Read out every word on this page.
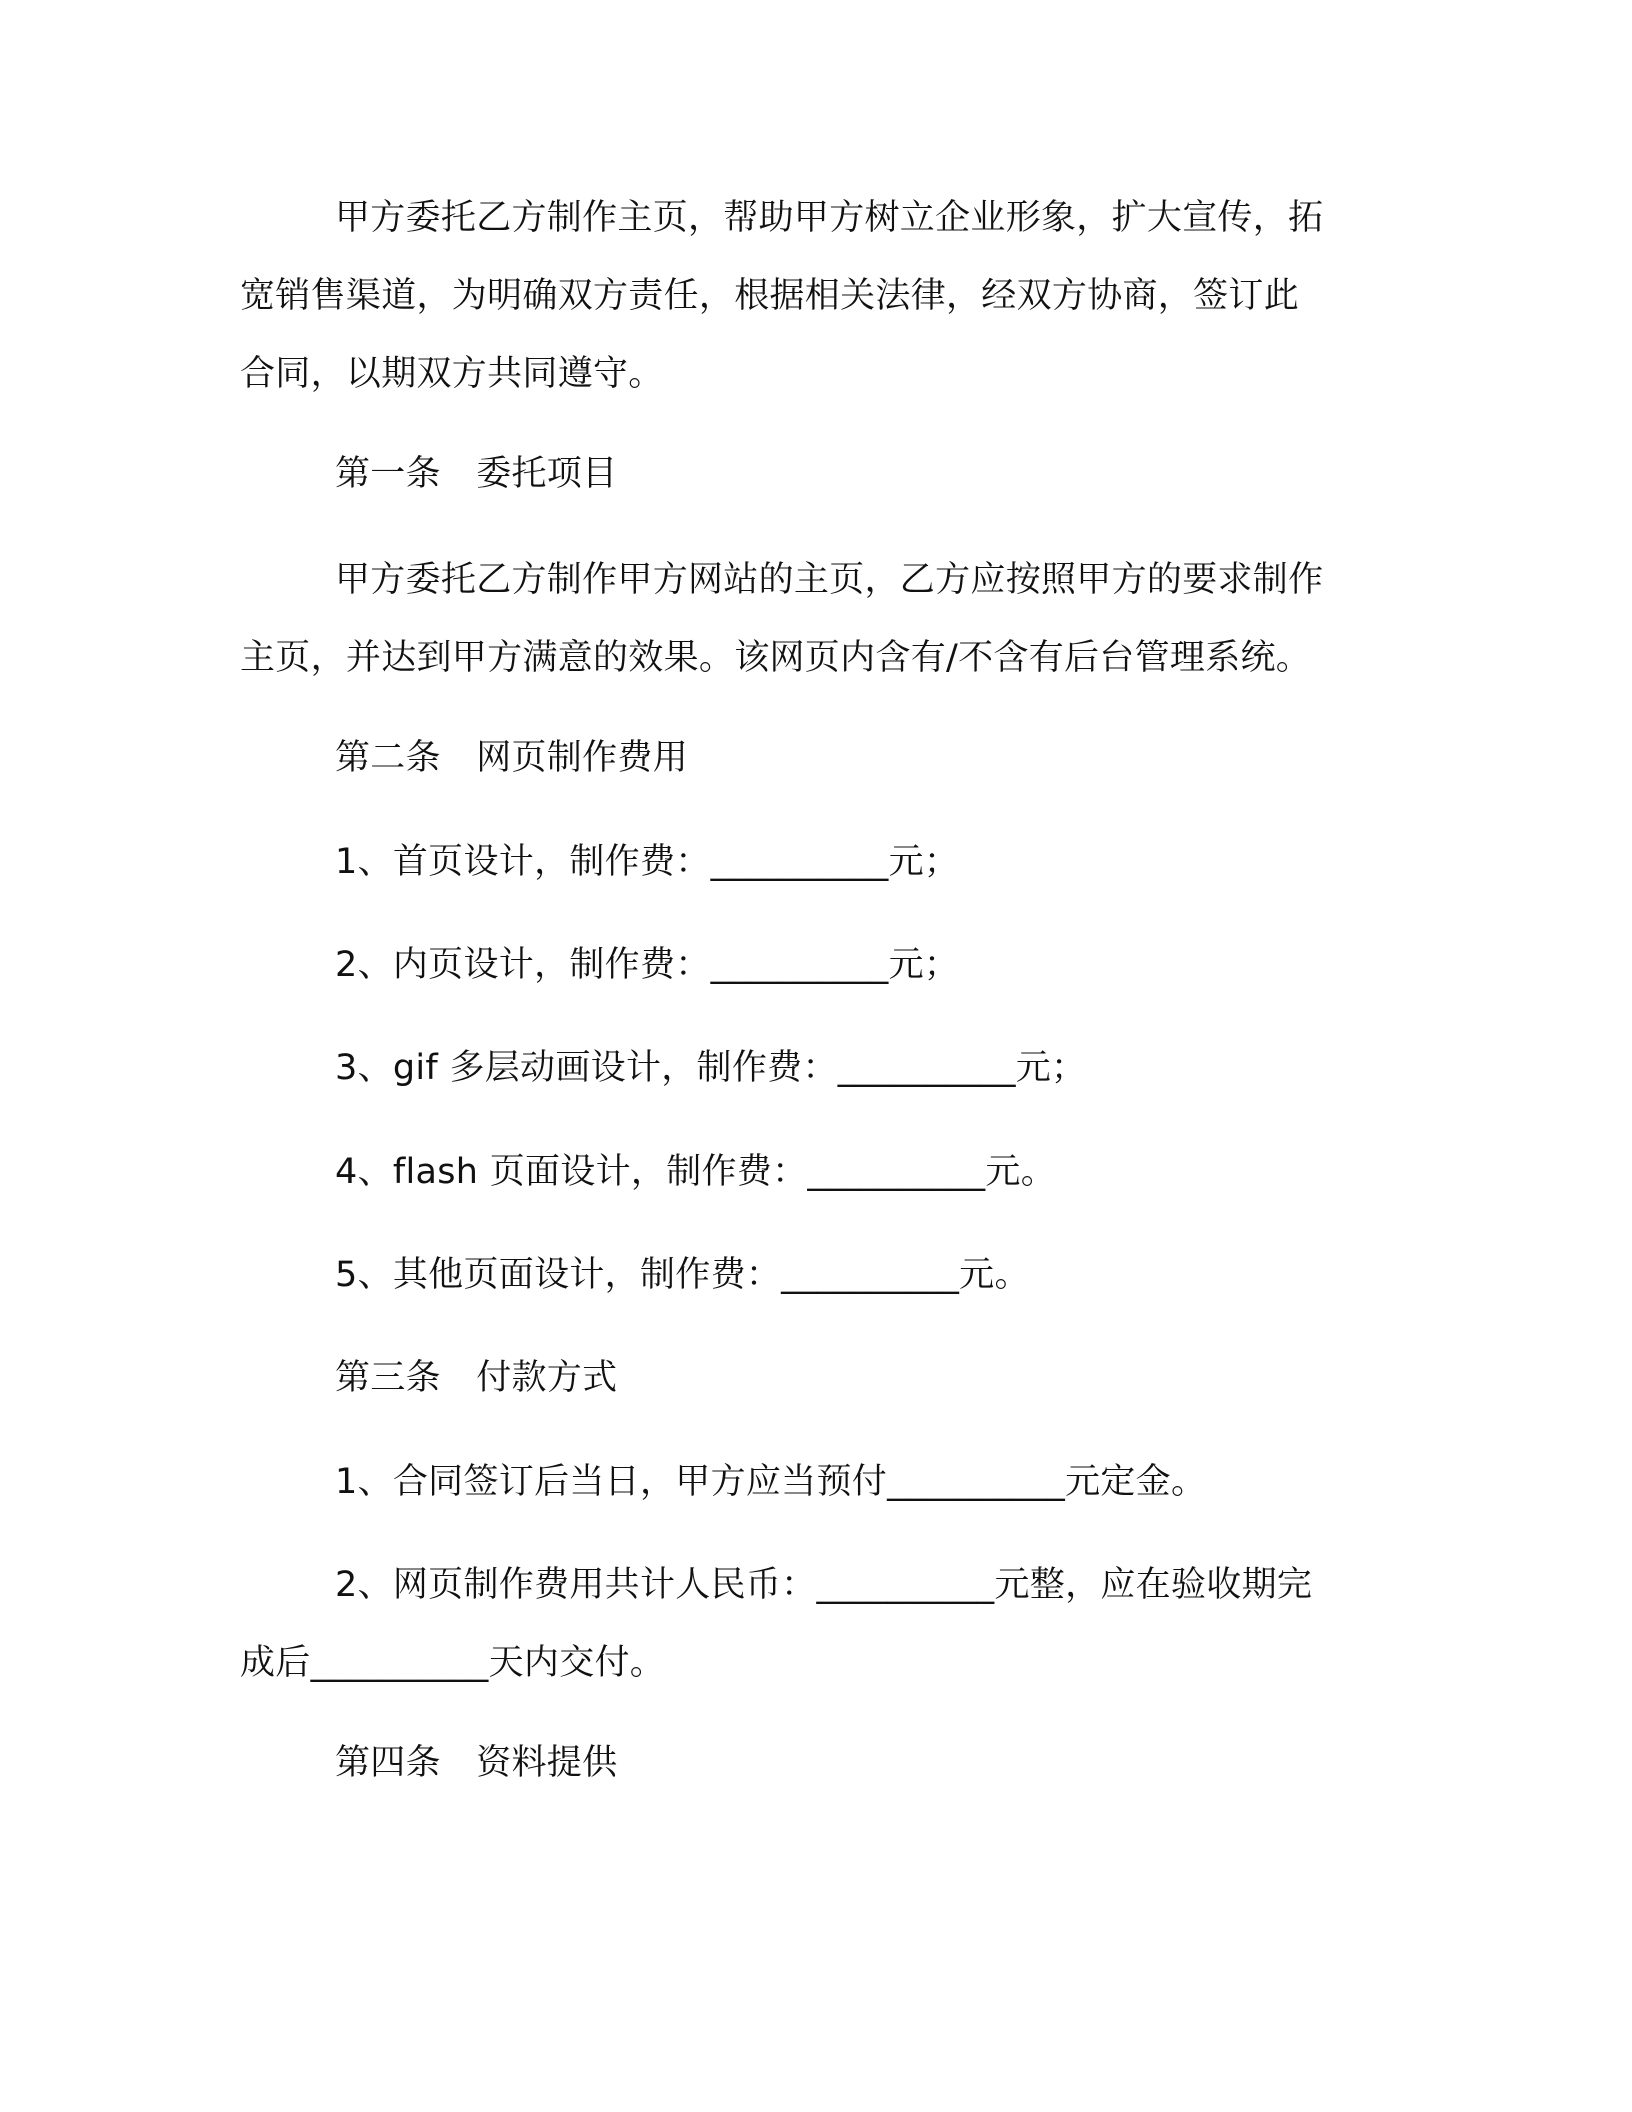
甲方委托乙方制作主页，帮助甲方树立企业形象，扩大宣传，拓
宽销售渠道，为明确双方责任，根据相关法律，经双方协商，签订此
合同，以期双方共同遵守。
第一条　委托项目
甲方委托乙方制作甲方网站的主页，乙方应按照甲方的要求制作
主页，并达到甲方满意的效果。该网页内含有/不含有后台管理系统。
第二条　网页制作费用
1、首页设计，制作费：__________元；
2、内页设计，制作费：__________元；
3、gif 多层动画设计，制作费：__________元；
4、flash 页面设计，制作费：__________元。
5、其他页面设计，制作费：__________元。
第三条　付款方式
1、合同签订后当日，甲方应当预付__________元定金。
2、网页制作费用共计人民币：__________元整，应在验收期完
成后__________天内交付。
第四条　资料提供
